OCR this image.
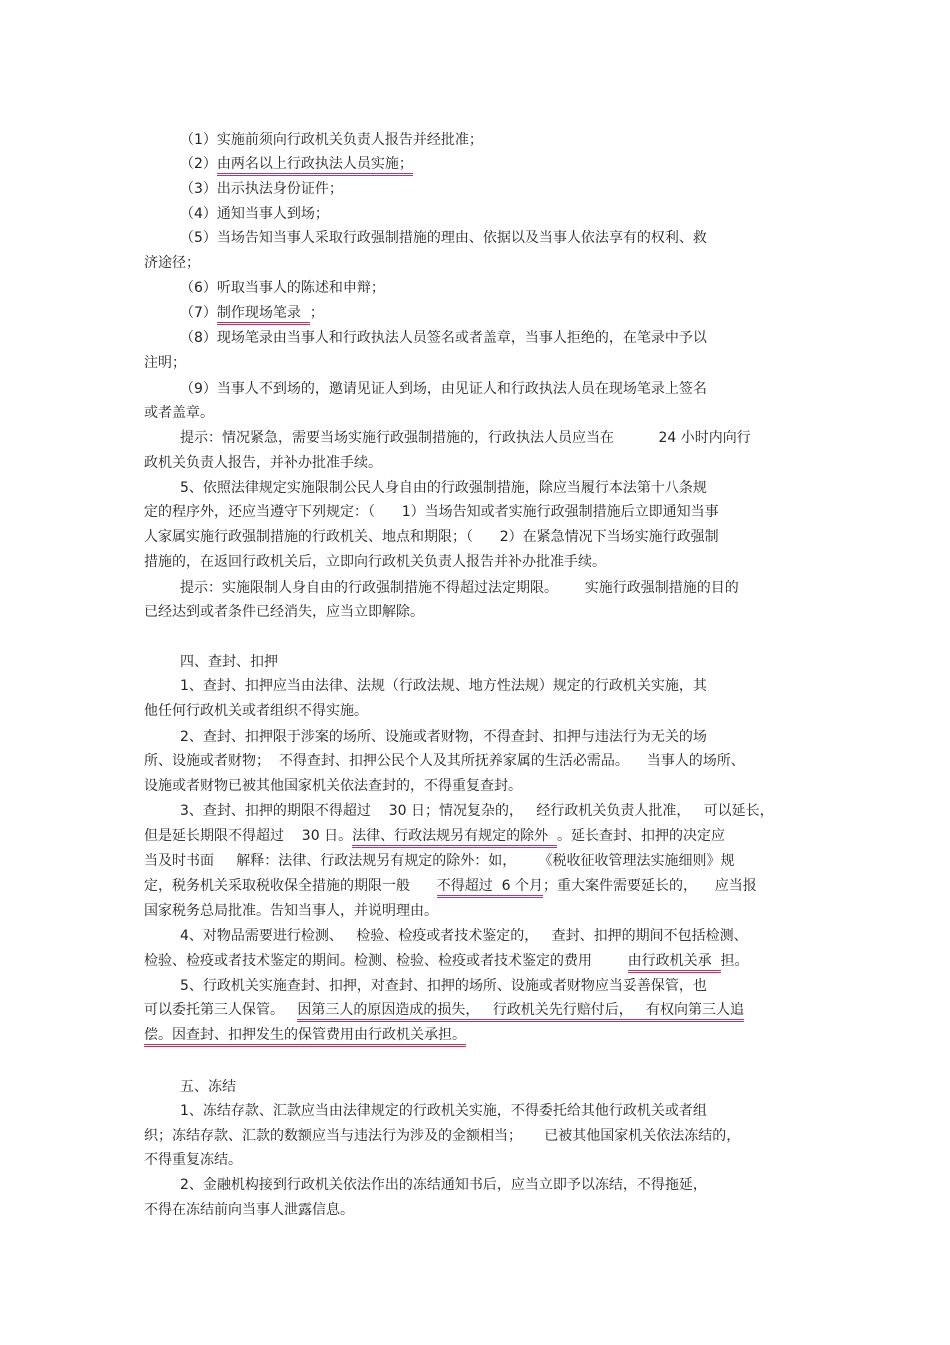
（1）实施前须向行政机关负责人报告并经批准；
（2）由两名以上行政执法人员实施；
（3）出示执法身份证件；
（4）通知当事人到场；
（5）当场告知当事人采取行政强制措施的理由、依据以及当事人依法享有的权利、救
济途径；
（6）听取当事人的陈述和申辩；
（7）制作现场笔录  ；
（8）现场笔录由当事人和行政执法人员签名或者盖章，当事人拒绝的，在笔录中予以
注明；
（9）当事人不到场的，邀请见证人到场，由见证人和行政执法人员在现场笔录上签名
或者盖章。
提示：情况紧急，需要当场实施行政强制措施的，行政执法人员应当在          24 小时内向行
政机关负责人报告，并补办批准手续。
5、依照法律规定实施限制公民人身自由的行政强制措施，除应当履行本法第十八条规
定的程序外，还应当遵守下列规定：（      1）当场告知或者实施行政强制措施后立即通知当事
人家属实施行政强制措施的行政机关、地点和期限；（      2）在紧急情况下当场实施行政强制
措施的，在返回行政机关后，立即向行政机关负责人报告并补办批准手续。
提示：实施限制人身自由的行政强制措施不得超过法定期限。      实施行政强制措施的目的
已经达到或者条件已经消失，应当立即解除。
四、查封、扣押
1、查封、扣押应当由法律、法规（行政法规、地方性法规）规定的行政机关实施，其
他任何行政机关或者组织不得实施。
2、查封、扣押限于涉案的场所、设施或者财物，不得查封、扣押与违法行为无关的场
所、设施或者财物；  不得查封、扣押公民个人及其所抚养家属的生活必需品。    当事人的场所、
设施或者财物已被其他国家机关依法查封的，不得重复查封。
3、查封、扣押的期限不得超过    30 日；情况复杂的，   经行政机关负责人批准，   可以延长，
但是延长期限不得超过    30 日。法律、行政法规另有规定的除外  。延长查封、扣押的决定应
当及时书面     解释：法律、行政法规另有规定的除外：如，     《税收征收管理法实施细则》规
定，税务机关采取税收保全措施的期限一般      不得超过  6 个月；重大案件需要延长的，    应当报
国家税务总局批准。告知当事人，并说明理由。
4、对物品需要进行检测、   检验、检疫或者技术鉴定的，   查封、扣押的期间不包括检测、
检验、检疫或者技术鉴定的期间。检测、检验、检疫或者技术鉴定的费用        由行政机关承  担。
5、行政机关实施查封、扣押，对查封、扣押的场所、设施或者财物应当妥善保管，也
可以委托第三人保管。   因第三人的原因造成的损失，   行政机关先行赔付后，   有权向第三人追
偿。因查封、扣押发生的保管费用由行政机关承担。
五、冻结
1、冻结存款、汇款应当由法律规定的行政机关实施，不得委托给其他行政机关或者组
织；冻结存款、汇款的数额应当与违法行为涉及的金额相当；     已被其他国家机关依法冻结的，
不得重复冻结。
2、金融机构接到行政机关依法作出的冻结通知书后，应当立即予以冻结，不得拖延，
不得在冻结前向当事人泄露信息。
